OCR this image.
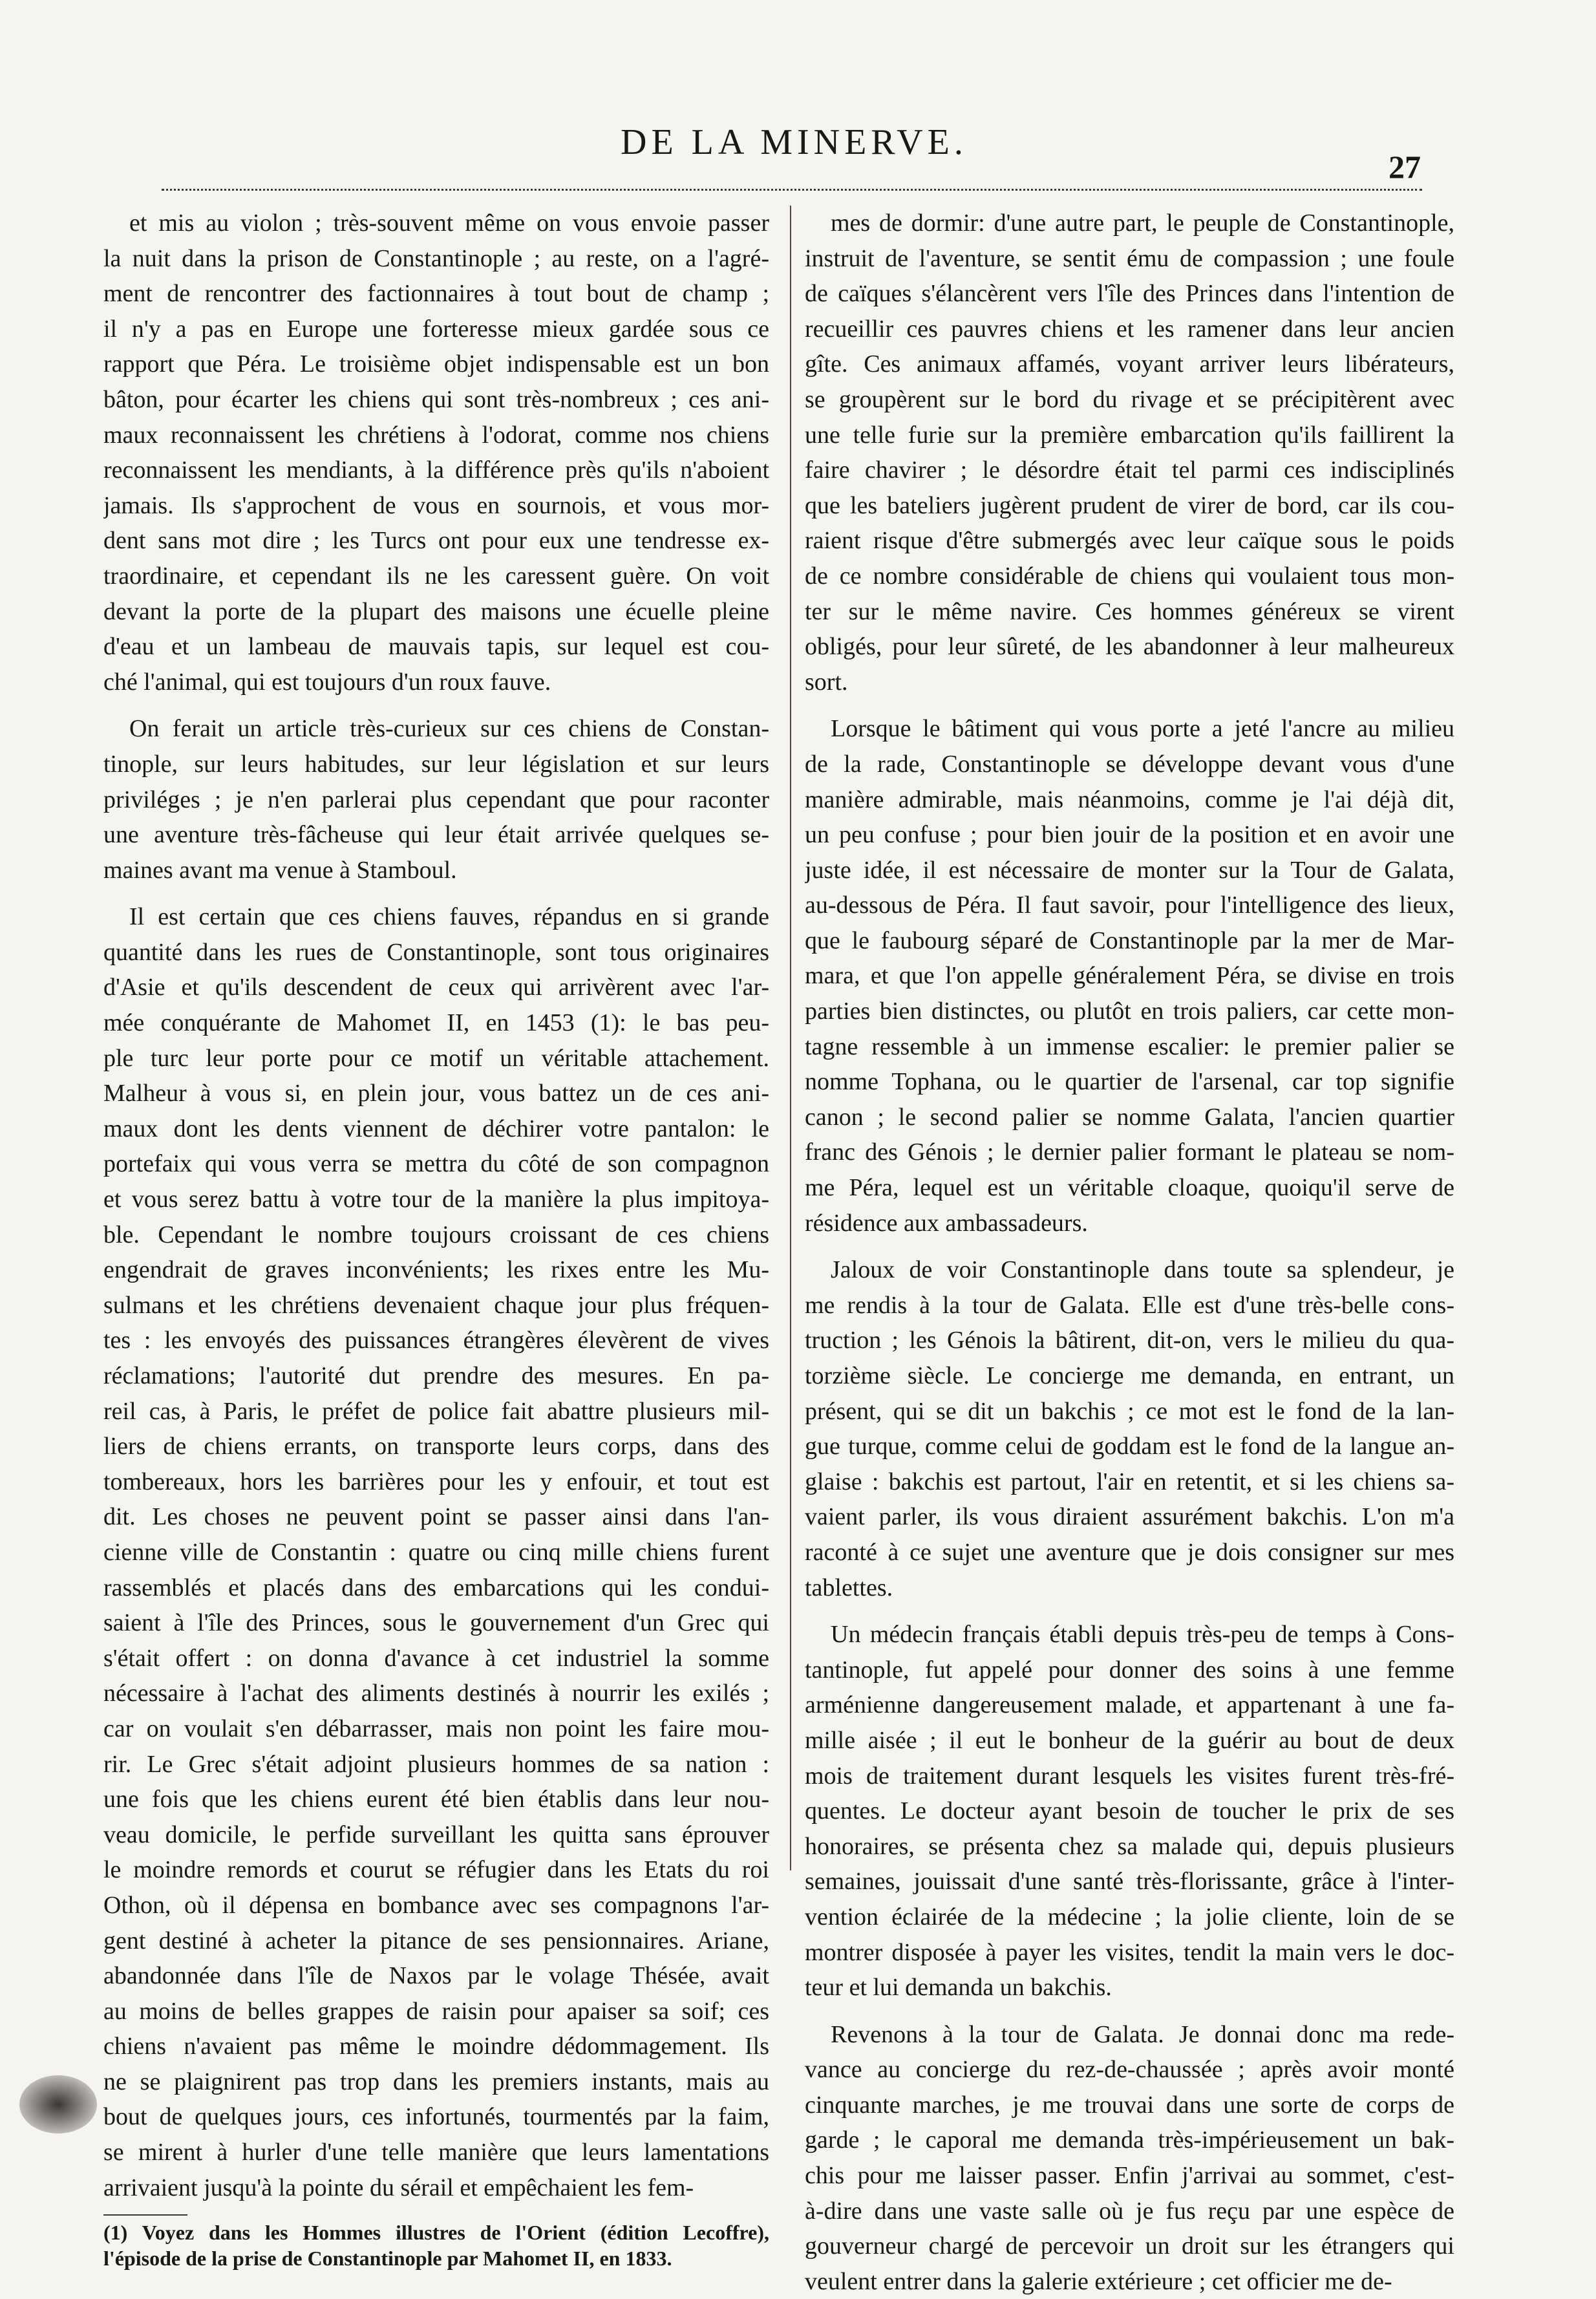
DE LA MINERVE.
27
et mis au violon ; très-souvent même on vous envoie passer
la nuit dans la prison de Constantinople ; au reste, on a l'agré-
ment de rencontrer des factionnaires à tout bout de champ ;
il n'y a pas en Europe une forteresse mieux gardée sous ce
rapport que Péra. Le troisième objet indispensable est un bon
bâton, pour écarter les chiens qui sont très-nombreux ; ces ani-
maux reconnaissent les chrétiens à l'odorat, comme nos chiens
reconnaissent les mendiants, à la différence près qu'ils n'aboient
jamais. Ils s'approchent de vous en sournois, et vous mor-
dent sans mot dire ; les Turcs ont pour eux une tendresse ex-
traordinaire, et cependant ils ne les caressent guère. On voit
devant la porte de la plupart des maisons une écuelle pleine
d'eau et un lambeau de mauvais tapis, sur lequel est cou-
ché l'animal, qui est toujours d'un roux fauve.
On ferait un article très-curieux sur ces chiens de Constan-
tinople, sur leurs habitudes, sur leur législation et sur leurs
priviléges ; je n'en parlerai plus cependant que pour raconter
une aventure très-fâcheuse qui leur était arrivée quelques se-
maines avant ma venue à Stamboul.
Il est certain que ces chiens fauves, répandus en si grande
quantité dans les rues de Constantinople, sont tous originaires
d'Asie et qu'ils descendent de ceux qui arrivèrent avec l'ar-
mée conquérante de Mahomet II, en 1453 (1): le bas peu-
ple turc leur porte pour ce motif un véritable attachement.
Malheur à vous si, en plein jour, vous battez un de ces ani-
maux dont les dents viennent de déchirer votre pantalon: le
portefaix qui vous verra se mettra du côté de son compagnon
et vous serez battu à votre tour de la manière la plus impitoya-
ble. Cependant le nombre toujours croissant de ces chiens
engendrait de graves inconvénients; les rixes entre les Mu-
sulmans et les chrétiens devenaient chaque jour plus fréquen-
tes : les envoyés des puissances étrangères élevèrent de vives
réclamations; l'autorité dut prendre des mesures. En pa-
reil cas, à Paris, le préfet de police fait abattre plusieurs mil-
liers de chiens errants, on transporte leurs corps, dans des
tombereaux, hors les barrières pour les y enfouir, et tout est
dit. Les choses ne peuvent point se passer ainsi dans l'an-
cienne ville de Constantin : quatre ou cinq mille chiens furent
rassemblés et placés dans des embarcations qui les condui-
saient à l'île des Princes, sous le gouvernement d'un Grec qui
s'était offert : on donna d'avance à cet industriel la somme
nécessaire à l'achat des aliments destinés à nourrir les exilés ;
car on voulait s'en débarrasser, mais non point les faire mou-
rir. Le Grec s'était adjoint plusieurs hommes de sa nation :
une fois que les chiens eurent été bien établis dans leur nou-
veau domicile, le perfide surveillant les quitta sans éprouver
le moindre remords et courut se réfugier dans les Etats du roi
Othon, où il dépensa en bombance avec ses compagnons l'ar-
gent destiné à acheter la pitance de ses pensionnaires. Ariane,
abandonnée dans l'île de Naxos par le volage Thésée, avait
au moins de belles grappes de raisin pour apaiser sa soif; ces
chiens n'avaient pas même le moindre dédommagement. Ils
ne se plaignirent pas trop dans les premiers instants, mais au
bout de quelques jours, ces infortunés, tourmentés par la faim,
se mirent à hurler d'une telle manière que leurs lamentations
arrivaient jusqu'à la pointe du sérail et empêchaient les fem-
(1) Voyez dans les Hommes illustres de l'Orient (édition Lecoffre),
l'épisode de la prise de Constantinople par Mahomet II, en 1833.
mes de dormir: d'une autre part, le peuple de Constantinople,
instruit de l'aventure, se sentit ému de compassion ; une foule
de caïques s'élancèrent vers l'île des Princes dans l'intention de
recueillir ces pauvres chiens et les ramener dans leur ancien
gîte. Ces animaux affamés, voyant arriver leurs libérateurs,
se groupèrent sur le bord du rivage et se précipitèrent avec
une telle furie sur la première embarcation qu'ils faillirent la
faire chavirer ; le désordre était tel parmi ces indisciplinés
que les bateliers jugèrent prudent de virer de bord, car ils cou-
raient risque d'être submergés avec leur caïque sous le poids
de ce nombre considérable de chiens qui voulaient tous mon-
ter sur le même navire. Ces hommes généreux se virent
obligés, pour leur sûreté, de les abandonner à leur malheureux
sort.
Lorsque le bâtiment qui vous porte a jeté l'ancre au milieu
de la rade, Constantinople se développe devant vous d'une
manière admirable, mais néanmoins, comme je l'ai déjà dit,
un peu confuse ; pour bien jouir de la position et en avoir une
juste idée, il est nécessaire de monter sur la Tour de Galata,
au-dessous de Péra. Il faut savoir, pour l'intelligence des lieux,
que le faubourg séparé de Constantinople par la mer de Mar-
mara, et que l'on appelle généralement Péra, se divise en trois
parties bien distinctes, ou plutôt en trois paliers, car cette mon-
tagne ressemble à un immense escalier: le premier palier se
nomme Tophana, ou le quartier de l'arsenal, car top signifie
canon ; le second palier se nomme Galata, l'ancien quartier
franc des Génois ; le dernier palier formant le plateau se nom-
me Péra, lequel est un véritable cloaque, quoiqu'il serve de
résidence aux ambassadeurs.
Jaloux de voir Constantinople dans toute sa splendeur, je
me rendis à la tour de Galata. Elle est d'une très-belle cons-
truction ; les Génois la bâtirent, dit-on, vers le milieu du qua-
torzième siècle. Le concierge me demanda, en entrant, un
présent, qui se dit un bakchis ; ce mot est le fond de la lan-
gue turque, comme celui de goddam est le fond de la langue an-
glaise : bakchis est partout, l'air en retentit, et si les chiens sa-
vaient parler, ils vous diraient assurément bakchis. L'on m'a
raconté à ce sujet une aventure que je dois consigner sur mes
tablettes.
Un médecin français établi depuis très-peu de temps à Cons-
tantinople, fut appelé pour donner des soins à une femme
arménienne dangereusement malade, et appartenant à une fa-
mille aisée ; il eut le bonheur de la guérir au bout de deux
mois de traitement durant lesquels les visites furent très-fré-
quentes. Le docteur ayant besoin de toucher le prix de ses
honoraires, se présenta chez sa malade qui, depuis plusieurs
semaines, jouissait d'une santé très-florissante, grâce à l'inter-
vention éclairée de la médecine ; la jolie cliente, loin de se
montrer disposée à payer les visites, tendit la main vers le doc-
teur et lui demanda un bakchis.
Revenons à la tour de Galata. Je donnai donc ma rede-
vance au concierge du rez-de-chaussée ; après avoir monté
cinquante marches, je me trouvai dans une sorte de corps de
garde ; le caporal me demanda très-impérieusement un bak-
chis pour me laisser passer. Enfin j'arrivai au sommet, c'est-
à-dire dans une vaste salle où je fus reçu par une espèce de
gouverneur chargé de percevoir un droit sur les étrangers qui
veulent entrer dans la galerie extérieure ; cet officier me de-
